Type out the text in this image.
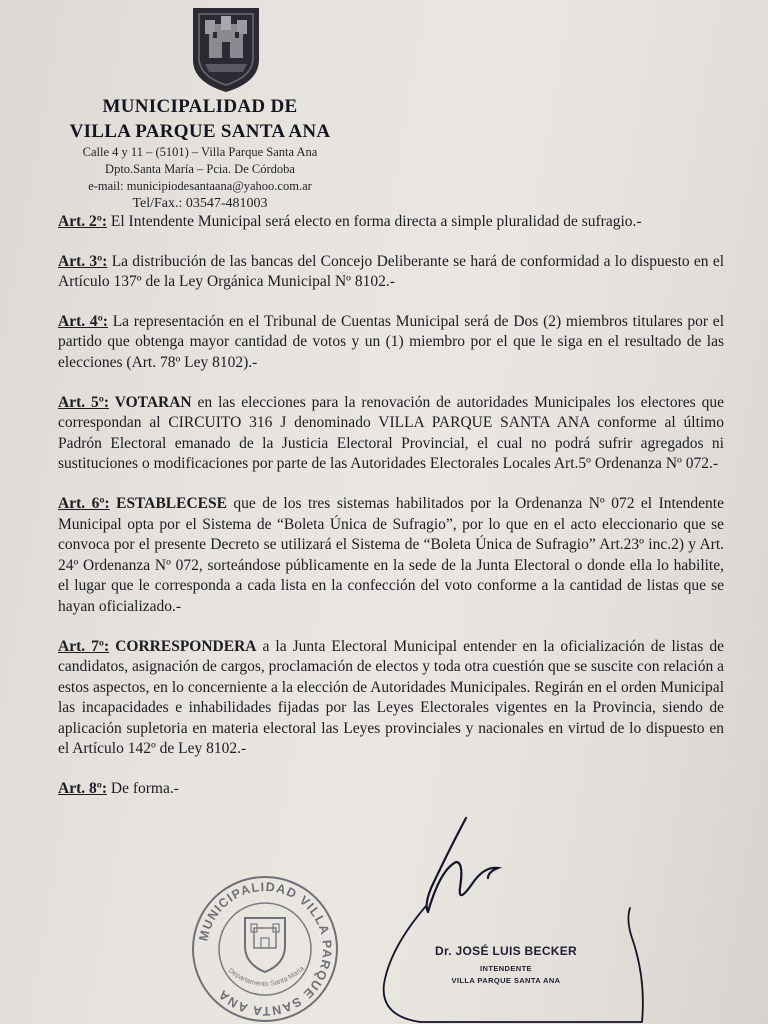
MUNICIPALIDAD DE
VILLA PARQUE SANTA ANA
Calle 4 y 11 – (5101) – Villa Parque Santa Ana
Dpto.Santa María – Pcia. De Córdoba
e-mail: municipiodesantaana@yahoo.com.ar
Tel/Fax.: 03547-481003

Art. 2º: El Intendente Municipal será electo en forma directa a simple pluralidad de sufragio.-

Art. 3º: La distribución de las bancas del Concejo Deliberante se hará de conformidad a lo dispuesto en el Artículo 137º de la Ley Orgánica Municipal Nº 8102.-

Art. 4º: La representación en el Tribunal de Cuentas Municipal será de Dos (2) miembros titulares por el partido que obtenga mayor cantidad de votos y un (1) miembro por el que le siga en el resultado de las elecciones (Art. 78º Ley 8102).-

Art. 5º: VOTARAN en las elecciones para la renovación de autoridades Municipales los electores que correspondan al CIRCUITO 316 J denominado VILLA PARQUE SANTA ANA conforme al último Padrón Electoral emanado de la Justicia Electoral Provincial, el cual no podrá sufrir agregados ni sustituciones o modificaciones por parte de las Autoridades Electorales Locales Art.5º Ordenanza Nº 072.-

Art. 6º: ESTABLECESE que de los tres sistemas habilitados por la Ordenanza Nº 072 el Intendente Municipal opta por el Sistema de “Boleta Única de Sufragio”, por lo que en el acto eleccionario que se convoca por el presente Decreto se utilizará el Sistema de “Boleta Única de Sufragio” Art.23º inc.2) y Art. 24º Ordenanza Nº 072, sorteándose públicamente en la sede de la Junta Electoral o donde ella lo habilite, el lugar que le corresponda a cada lista en la confección del voto conforme a la cantidad de listas que se hayan oficializado.-

Art. 7º: CORRESPONDERA a la Junta Electoral Municipal entender en la oficialización de listas de candidatos, asignación de cargos, proclamación de electos y toda otra cuestión que se suscite con relación a estos aspectos, en lo concerniente a la elección de Autoridades Municipales. Regirán en el orden Municipal las incapacidades e inhabilidades fijadas por las Leyes Electorales vigentes en la Provincia, siendo de aplicación supletoria en materia electoral las Leyes provinciales y nacionales en virtud de lo dispuesto en el Artículo 142º de Ley 8102.-

Art. 8º: De forma.-

MUNICIPALIDAD VILLA PARQUE SANTA ANA
Departamento Santa María
Dr. JOSÉ LUIS BECKER
INTENDENTE
VILLA PARQUE SANTA ANA
